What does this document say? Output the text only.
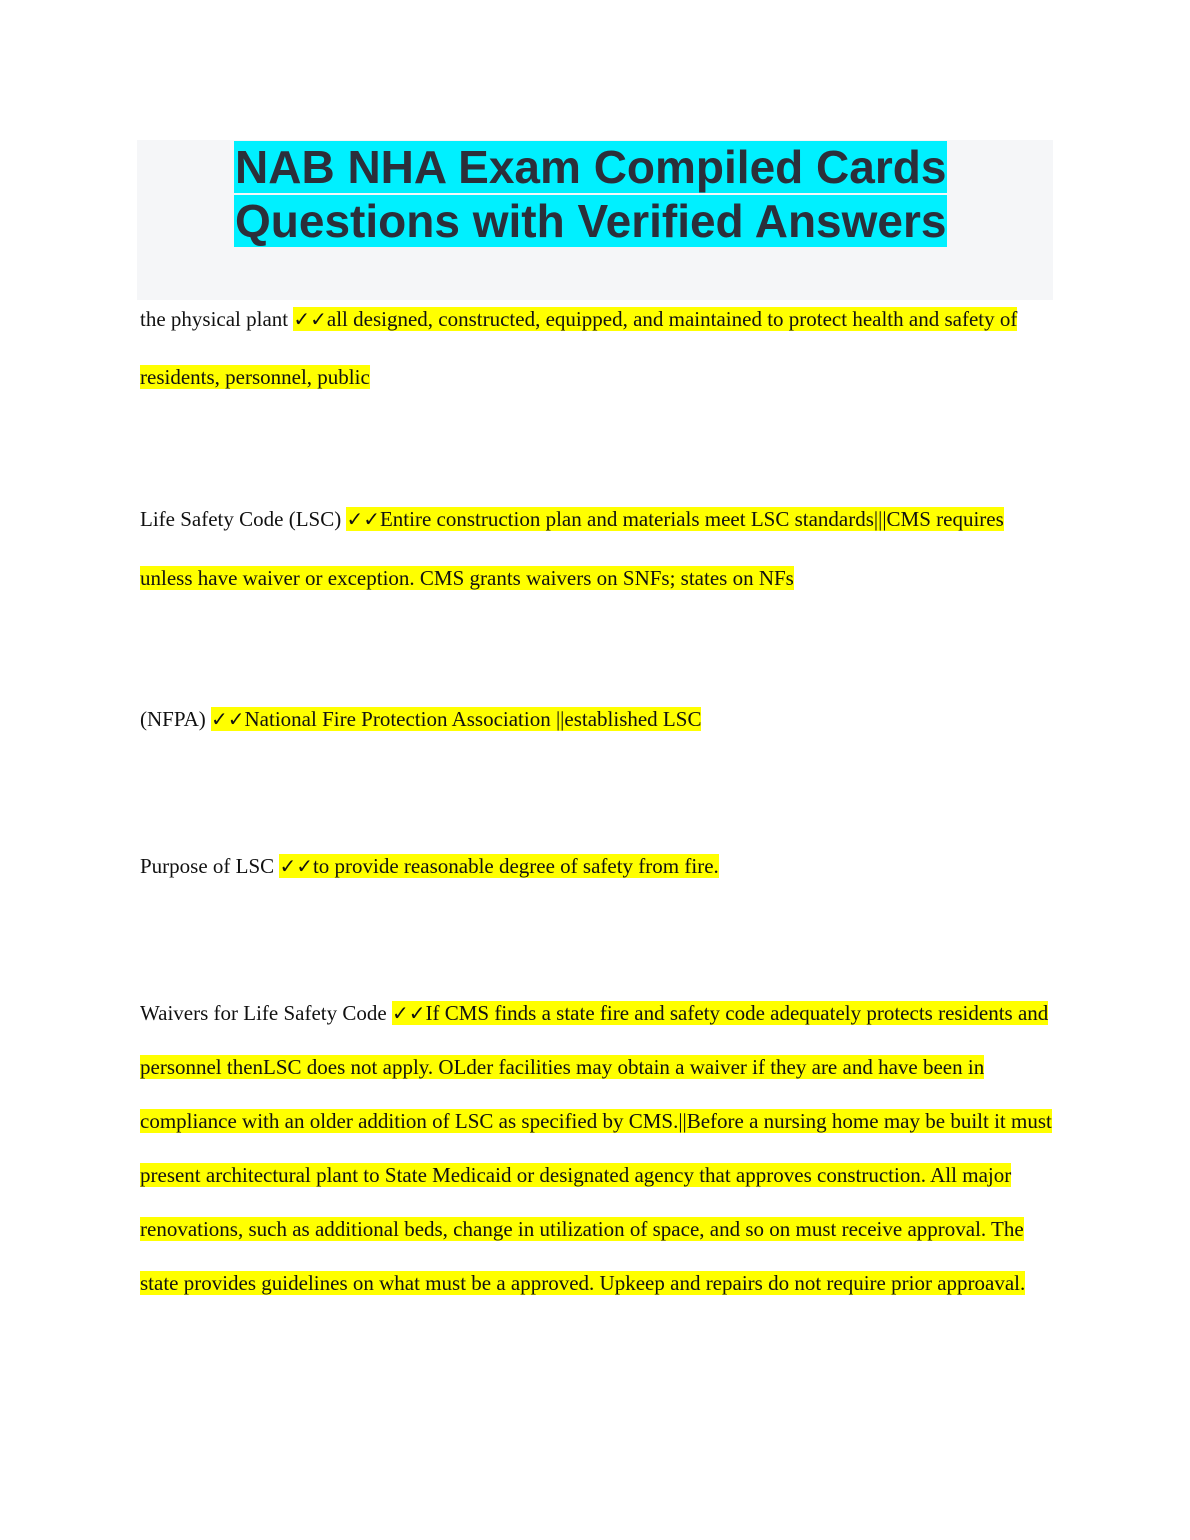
NAB NHA Exam Compiled Cards
Questions with Verified Answers

the physical plant ✓✓all designed, constructed, equipped, and maintained to protect health and safety of residents, personnel, public

Life Safety Code (LSC) ✓✓Entire construction plan and materials meet LSC standards|||CMS requires unless have waiver or exception. CMS grants waivers on SNFs; states on NFs

(NFPA) ✓✓National Fire Protection Association ||established LSC

Purpose of LSC ✓✓to provide reasonable degree of safety from fire.

Waivers for Life Safety Code ✓✓If CMS finds a state fire and safety code adequately protects residents and personnel thenLSC does not apply. OLder facilities may obtain a waiver if they are and have been in compliance with an older addition of LSC as specified by CMS.||Before a nursing home may be built it must present architectural plant to State Medicaid or designated agency that approves construction. All major renovations, such as additional beds, change in utilization of space, and so on must receive approval. The state provides guidelines on what must be a approved. Upkeep and repairs do not require prior approaval.
